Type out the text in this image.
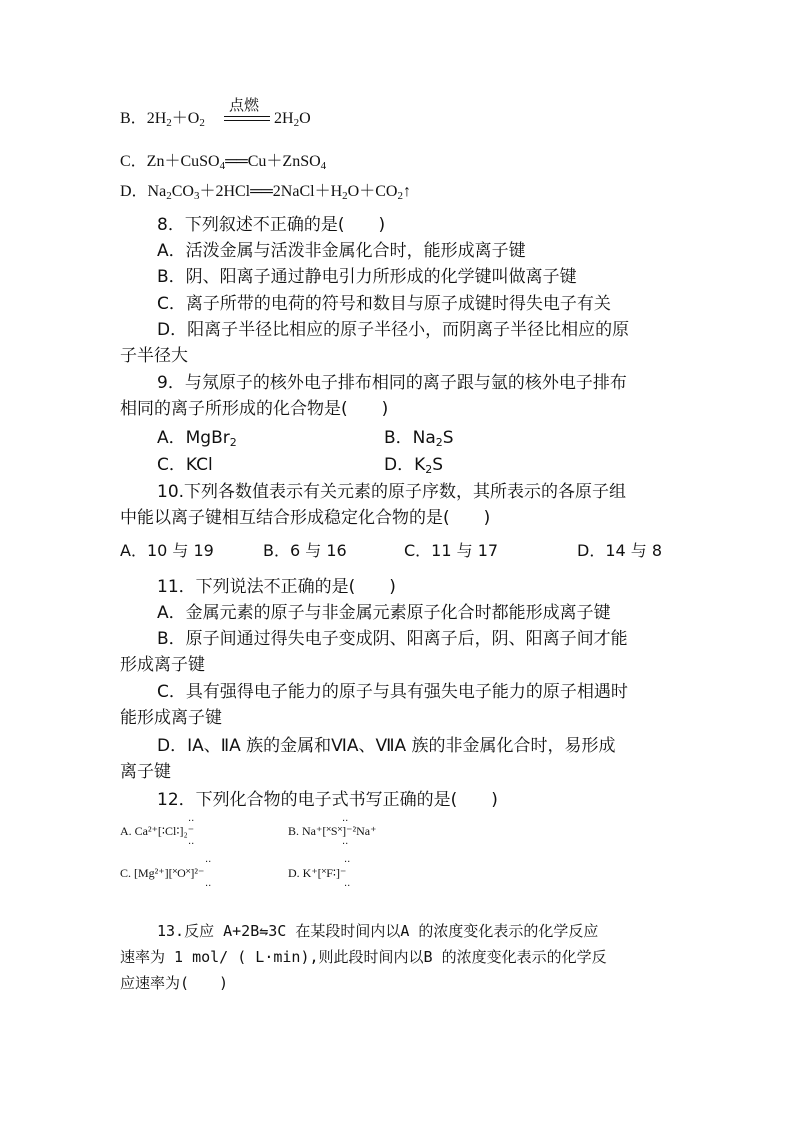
B．$2H_2+O_2$
点燃
$2H_2O$
C．Zn＋CuSO$_4$══Cu＋ZnSO$_4$
D．$Na_2CO_3+2HCl══2NaCl+H_2O+CO_2↑$
8．下列叙述不正确的是(　　)
A．活泼金属与活泼非金属化合时，能形成离子键
B．阴、阳离子通过静电引力所形成的化学键叫做离子键
C．离子所带的电荷的符号和数目与原子成键时得失电子有关
D．阳离子半径比相应的原子半径小，而阴离子半径比相应的原
子半径大
9．与氖原子的核外电子排布相同的离子跟与氩的核外电子排布
相同的离子所形成的化合物是(　　)
A．MgBr$_2$	B．$Na_2S$
C．KCl	D．$K_2S$
10.下列各数值表示有关元素的原子序数，其所表示的各原子组
中能以离子键相互结合形成稳定化合物的是(　　)
A．10 与 19	B．6 与 16	C．11 与 17	D．14 与 8
11．下列说法不正确的是(　　)
A．金属元素的原子与非金属元素原子化合时都能形成离子键
B．原子间通过得失电子变成阴、阳离子后，阴、阳离子间才能
形成离子键
C．具有强得电子能力的原子与具有强失电子能力的原子相遇时
能形成离子键
D．ⅠA、ⅡA 族的金属和ⅥA、ⅦA 族的非金属化合时，易形成
离子键
12．下列化合物的电子式书写正确的是(　　)
··
A. Ca²⁺[∶Cl∶]₂⁻
··
··
B. Na⁺[˟S˟]⁻²Na⁺
··
··
C. [Mg²⁺][˟O˟]²⁻
··
··
D. K⁺[˟F∶]⁻
··
13.反应 A+2B⇋3C 在某段时间内以A 的浓度变化表示的化学反应
速率为 1 mol/ ( L·min),则此段时间内以B 的浓度变化表示的化学反
应速率为(　　)
